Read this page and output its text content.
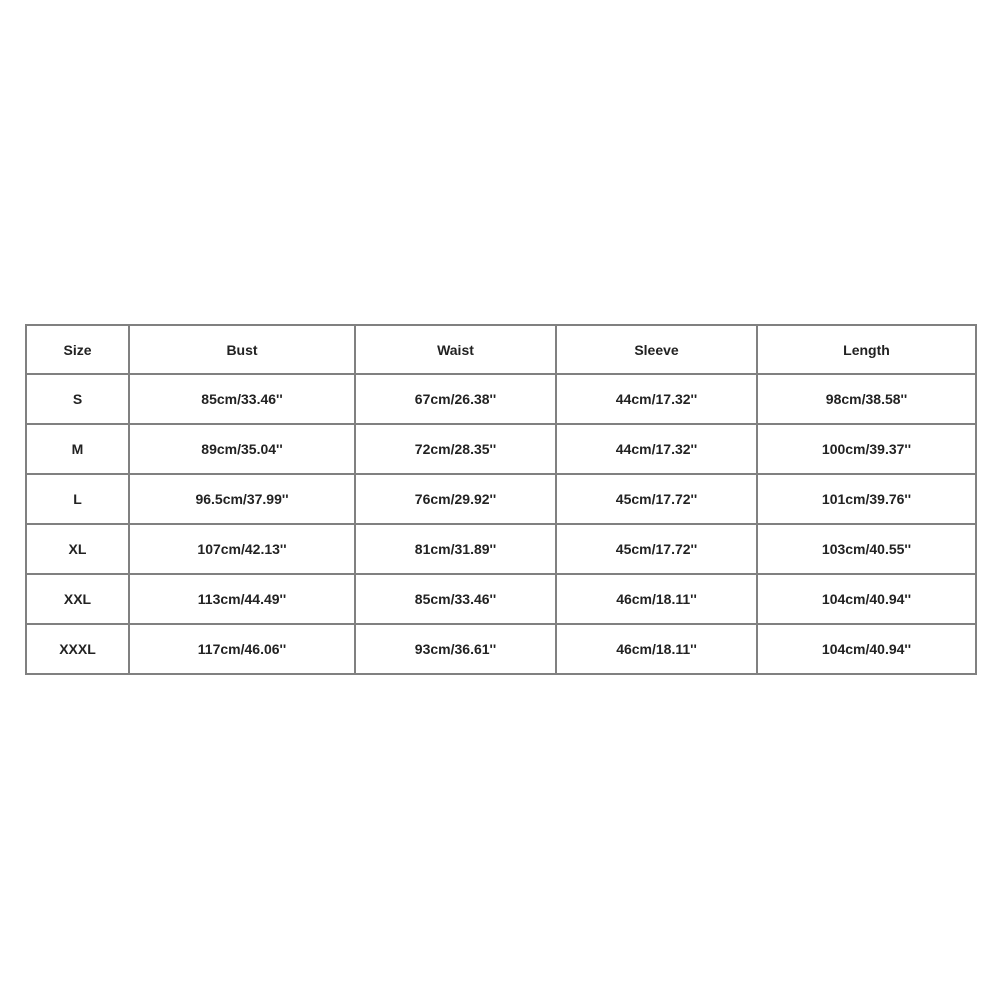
Size	Bust	Waist	Sleeve	Length
S	85cm/33.46''	67cm/26.38''	44cm/17.32''	98cm/38.58''
M	89cm/35.04''	72cm/28.35''	44cm/17.32''	100cm/39.37''
L	96.5cm/37.99''	76cm/29.92''	45cm/17.72''	101cm/39.76''
XL	107cm/42.13''	81cm/31.89''	45cm/17.72''	103cm/40.55''
XXL	113cm/44.49''	85cm/33.46''	46cm/18.11''	104cm/40.94''
XXXL	117cm/46.06''	93cm/36.61''	46cm/18.11''	104cm/40.94''
